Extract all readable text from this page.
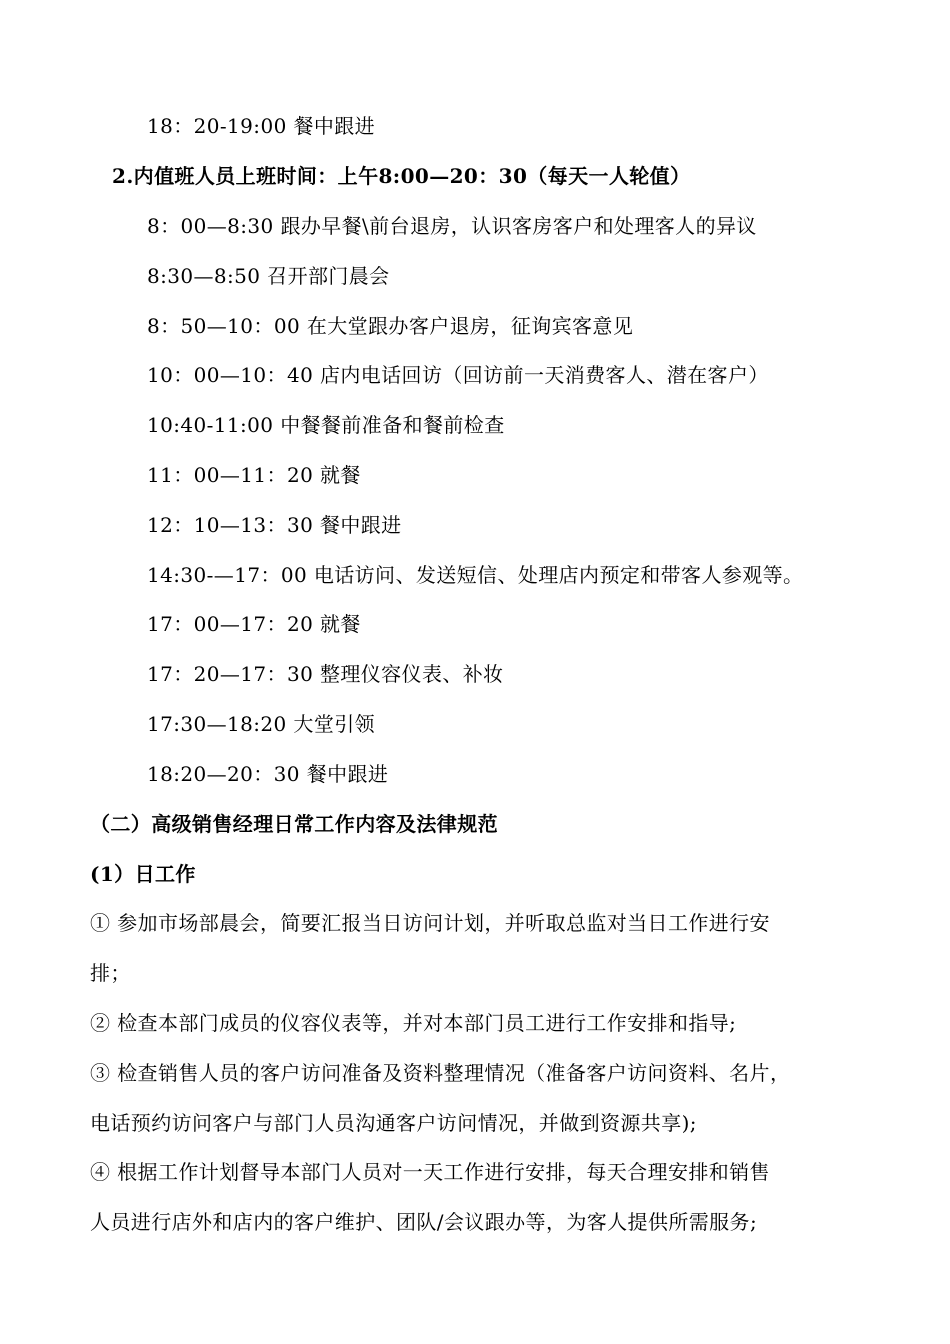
18：20-19:00 餐中跟进
2.内值班人员上班时间：上午8:00—20：30（每天一人轮值）
8：00—8:30 跟办早餐\前台退房，认识客房客户和处理客人的异议
8:30—8:50 召开部门晨会
8：50—10：00 在大堂跟办客户退房，征询宾客意见
10：00—10：40 店内电话回访（回访前一天消费客人、潜在客户）
10:40-11:00 中餐餐前准备和餐前检查
11：00—11：20 就餐
12：10—13：30 餐中跟进
14:30-—17：00 电话访问、发送短信、处理店内预定和带客人参观等。
17：00—17：20 就餐
17：20—17：30 整理仪容仪表、补妆
17:30—18:20 大堂引领
18:20—20：30 餐中跟进
（二）高级销售经理日常工作内容及法律规范
(1）日工作
① 参加市场部晨会，简要汇报当日访问计划，并听取总监对当日工作进行安
排；
② 检查本部门成员的仪容仪表等，并对本部门员工进行工作安排和指导;
③ 检查销售人员的客户访问准备及资料整理情况（准备客户访问资料、名片，
电话预约访问客户与部门人员沟通客户访问情况，并做到资源共享);
④ 根据工作计划督导本部门人员对一天工作进行安排，每天合理安排和销售
人员进行店外和店内的客户维护、团队/会议跟办等，为客人提供所需服务;
